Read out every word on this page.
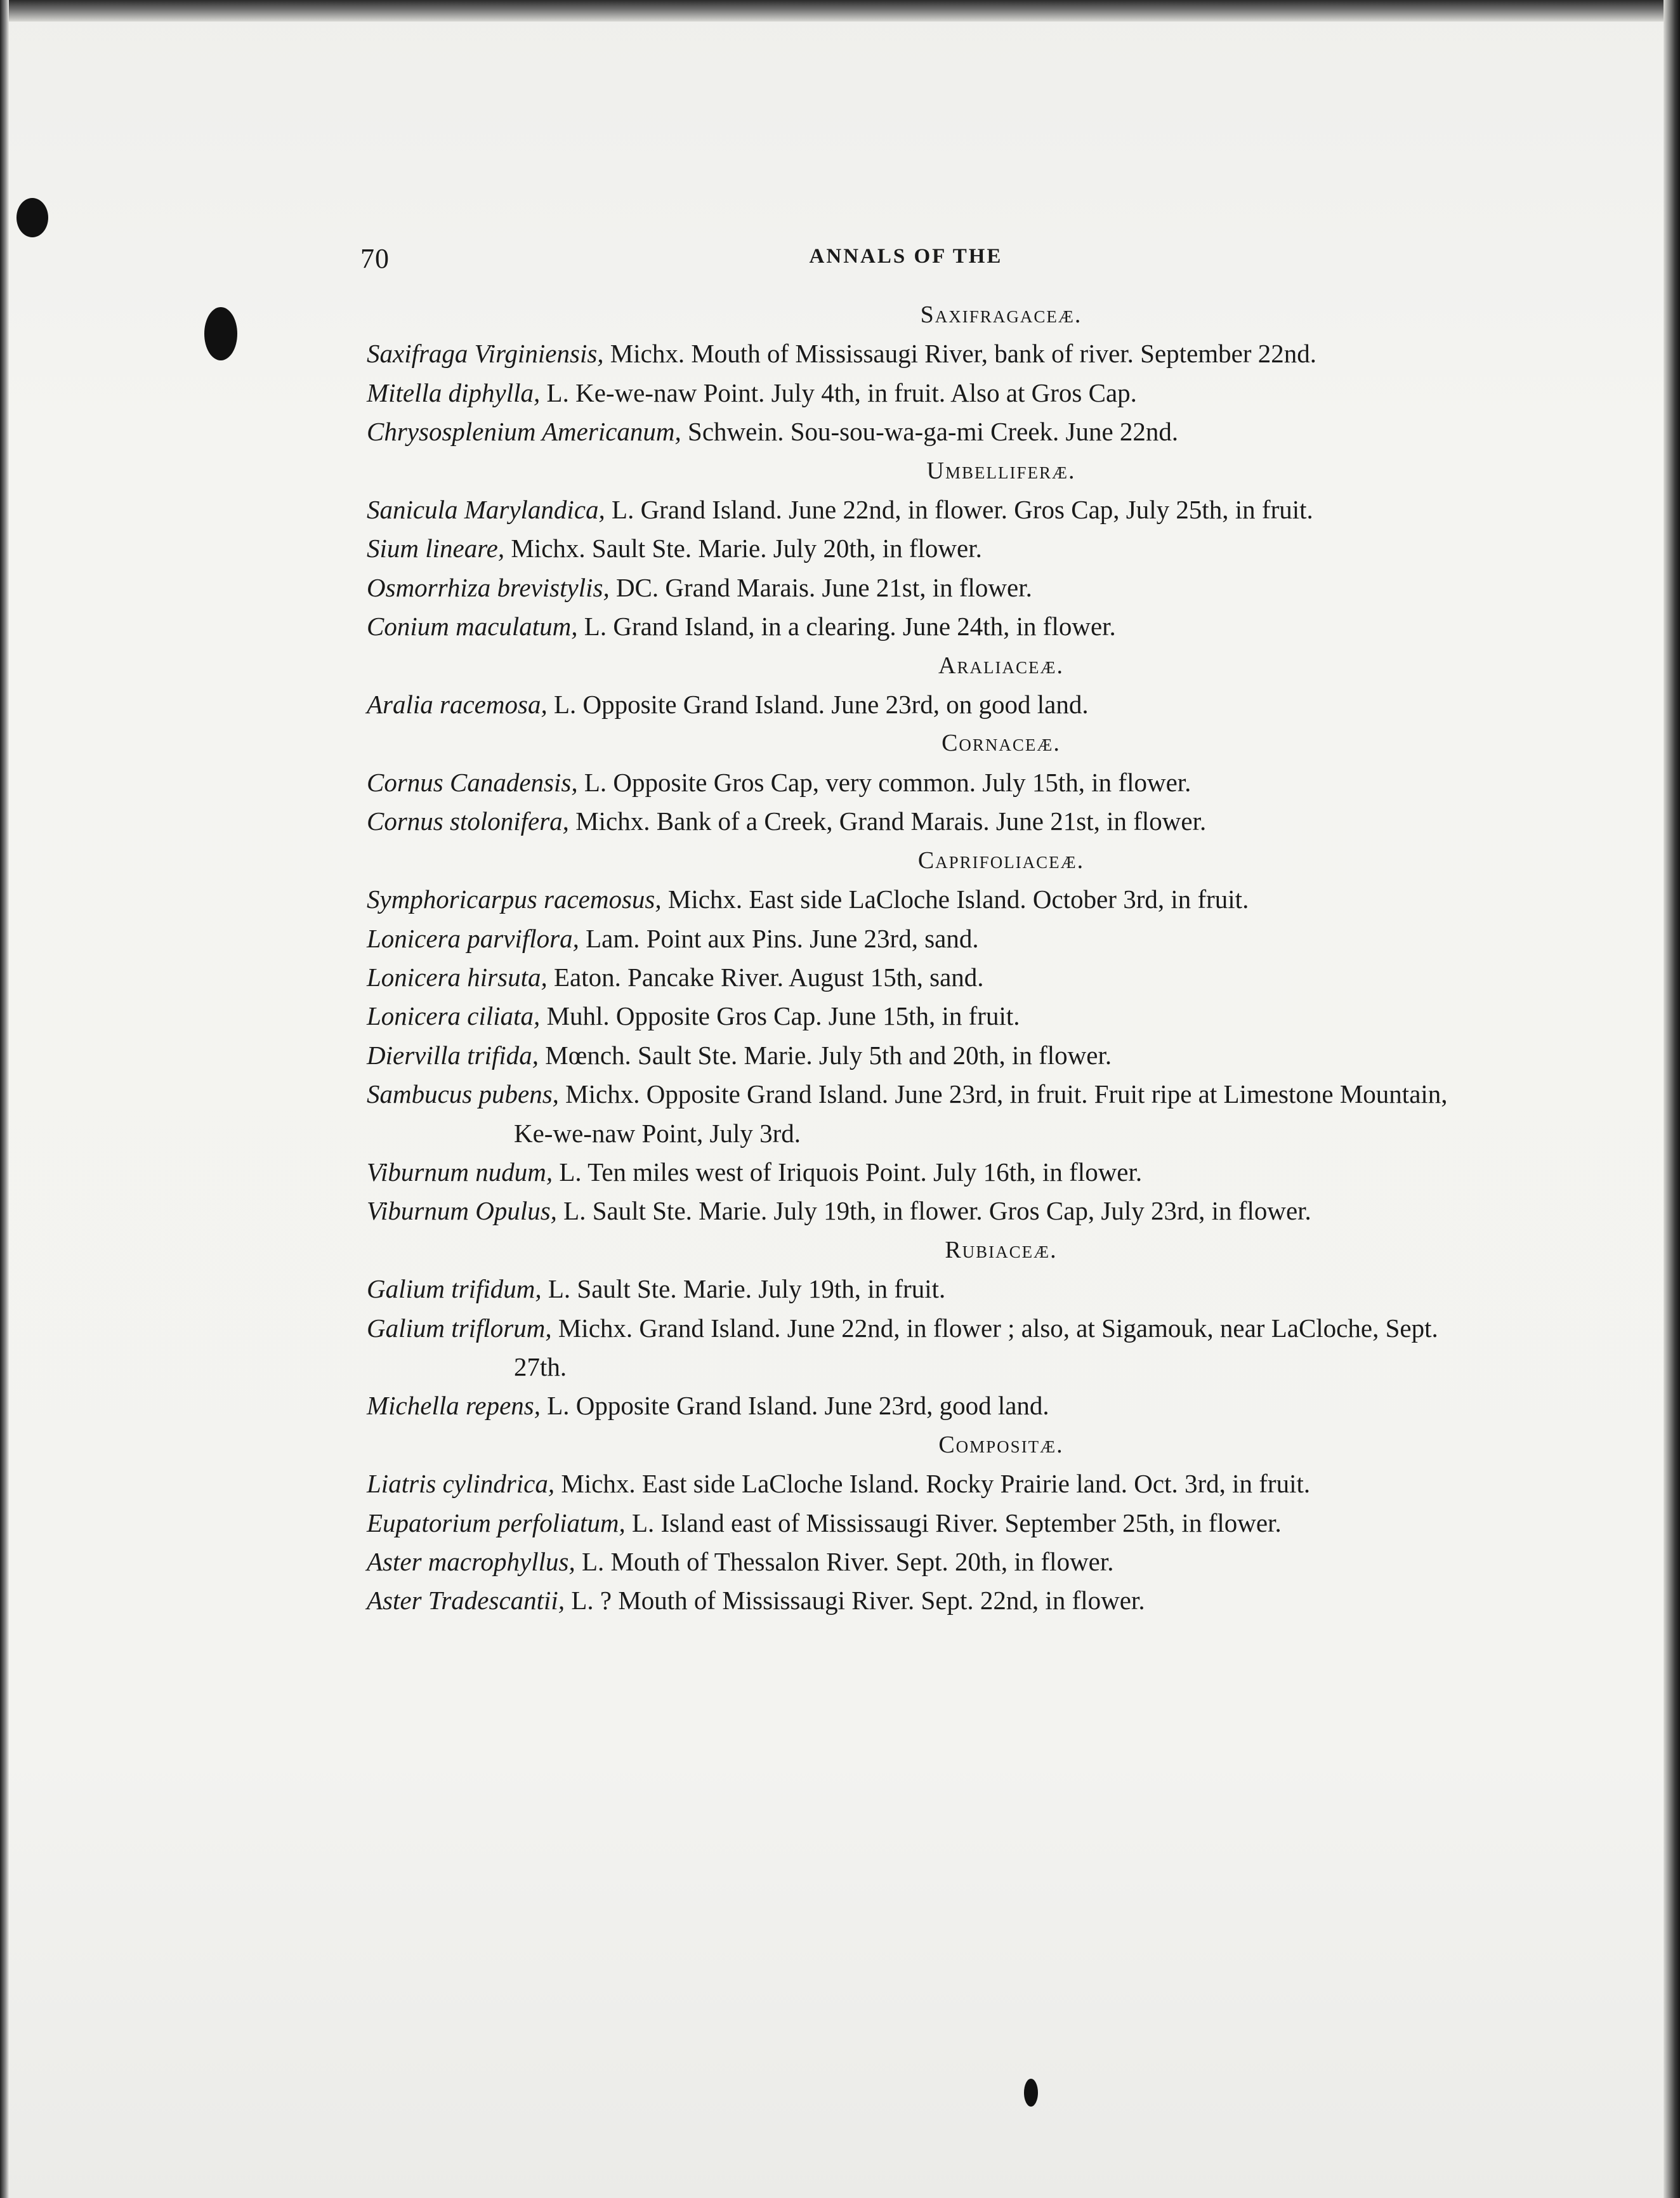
70	ANNALS OF THE
Saxifragaceæ.
Saxifraga Virginiensis, Michx. Mouth of Mississaugi River, bank of river. September 22nd.
Mitella diphylla, L. Ke-we-naw Point. July 4th, in fruit. Also at Gros Cap.
Chrysosplenium Americanum, Schwein. Sou-sou-wa-ga-mi Creek. June 22nd.
Umbelliferæ.
Sanicula Marylandica, L. Grand Island. June 22nd, in flower. Gros Cap, July 25th, in fruit.
Sium lineare, Michx. Sault Ste. Marie. July 20th, in flower.
Osmorrhiza brevistylis, DC. Grand Marais. June 21st, in flower.
Conium maculatum, L. Grand Island, in a clearing. June 24th, in flower.
Araliaceæ.
Aralia racemosa, L. Opposite Grand Island. June 23rd, on good land.
Cornaceæ.
Cornus Canadensis, L. Opposite Gros Cap, very common. July 15th, in flower.
Cornus stolonifera, Michx. Bank of a Creek, Grand Marais. June 21st, in flower.
Caprifoliaceæ.
Symphoricarpus racemosus, Michx. East side LaCloche Island. October 3rd, in fruit.
Lonicera parviflora, Lam. Point aux Pins. June 23rd, sand.
Lonicera hirsuta, Eaton. Pancake River. August 15th, sand.
Lonicera ciliata, Muhl. Opposite Gros Cap. June 15th, in fruit.
Diervilla trifida, Mœnch. Sault Ste. Marie. July 5th and 20th, in flower.
Sambucus pubens, Michx. Opposite Grand Island. June 23rd, in fruit. Fruit ripe at Limestone Mountain, Ke-we-naw Point, July 3rd.
Viburnum nudum, L. Ten miles west of Iriquois Point. July 16th, in flower.
Viburnum Opulus, L. Sault Ste. Marie. July 19th, in flower. Gros Cap, July 23rd, in flower.
Rubiaceæ.
Galium trifidum, L. Sault Ste. Marie. July 19th, in fruit.
Galium triflorum, Michx. Grand Island. June 22nd, in flower ; also, at Sigamouk, near LaCloche, Sept. 27th.
Michella repens, L. Opposite Grand Island. June 23rd, good land.
Compositæ.
Liatris cylindrica, Michx. East side LaCloche Island. Rocky Prairie land. Oct. 3rd, in fruit.
Eupatorium perfoliatum, L. Island east of Mississaugi River. September 25th, in flower.
Aster macrophyllus, L. Mouth of Thessalon River. Sept. 20th, in flower.
Aster Tradescantii, L. ? Mouth of Mississaugi River. Sept. 22nd, in flower.
